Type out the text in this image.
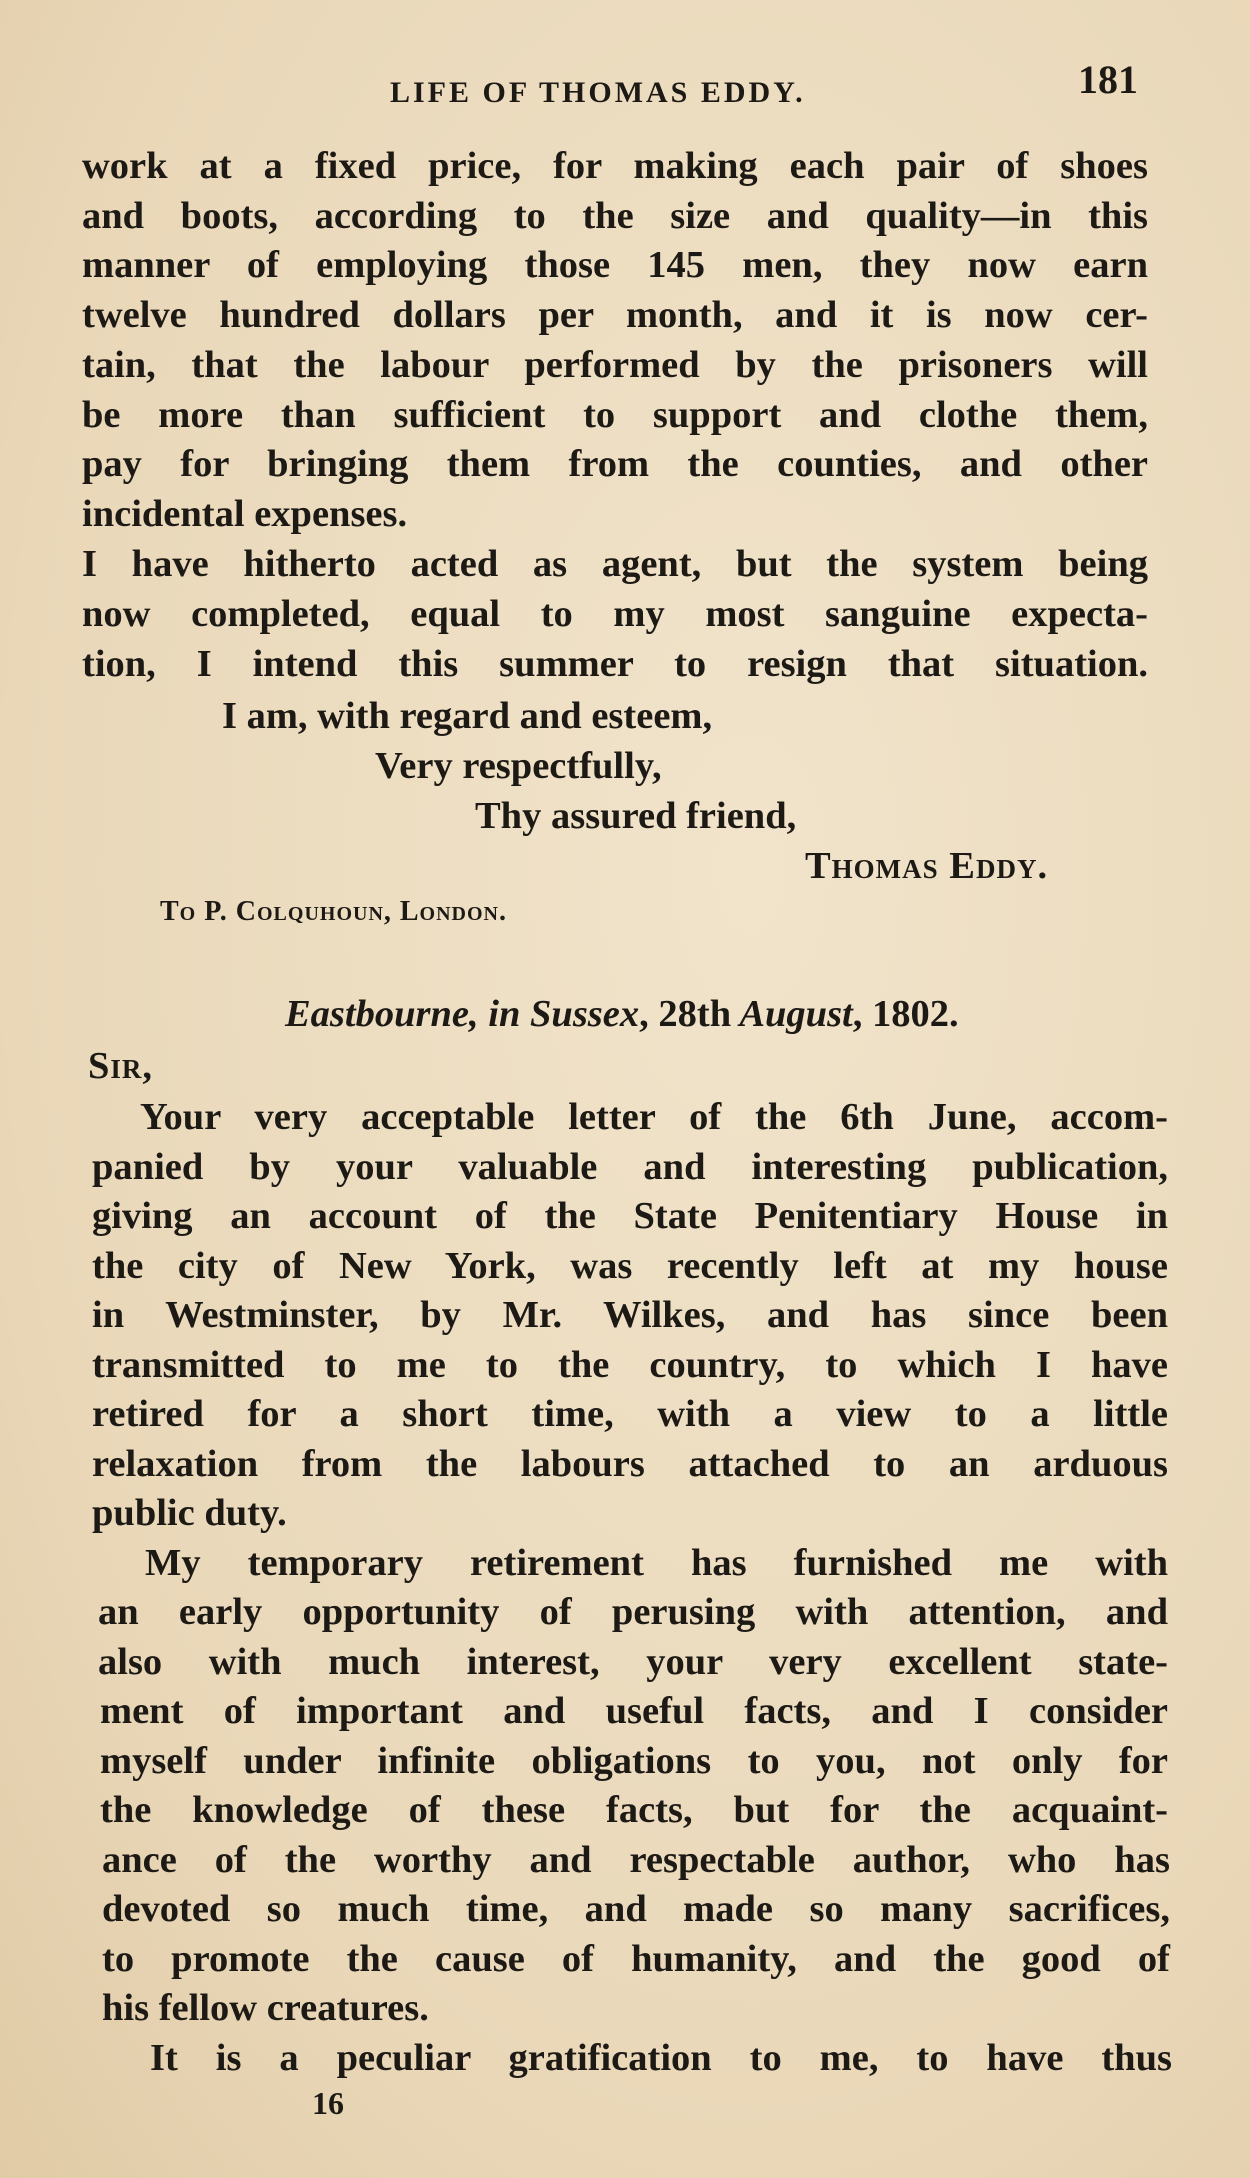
LIFE OF THOMAS EDDY.	181

work at a fixed price, for making each pair of shoes

and boots, according to the size and quality—in this

manner of employing those 145 men, they now earn

twelve hundred dollars per month, and it is now cer-

tain, that the labour performed by the prisoners will

be more than sufficient to support and clothe them,

pay for bringing them from the counties, and other

incidental expenses.

I have hitherto acted as agent, but the system being

now completed, equal to my most sanguine expecta-

tion, I intend this summer to resign that situation.

I am, with regard and esteem,

Very respectfully,

Thy assured friend,

Thomas Eddy.

To P. Colquhoun, London.

Eastbourne, in Sussex, 28th August, 1802.

Sir,

Your very acceptable letter of the 6th June, accom-

panied by your valuable and interesting publication,

giving an account of the State Penitentiary House in

the city of New York, was recently left at my house

in Westminster, by Mr. Wilkes, and has since been

transmitted to me to the country, to which I have

retired for a short time, with a view to a little

relaxation from the labours attached to an arduous

public duty.

My temporary retirement has furnished me with

an early opportunity of perusing with attention, and

also with much interest, your very excellent state-

ment of important and useful facts, and I consider

myself under infinite obligations to you, not only for

the knowledge of these facts, but for the acquaint-

ance of the worthy and respectable author, who has

devoted so much time, and made so many sacrifices,

to promote the cause of humanity, and the good of

his fellow creatures.

It is a peculiar gratification to me, to have thus

16
